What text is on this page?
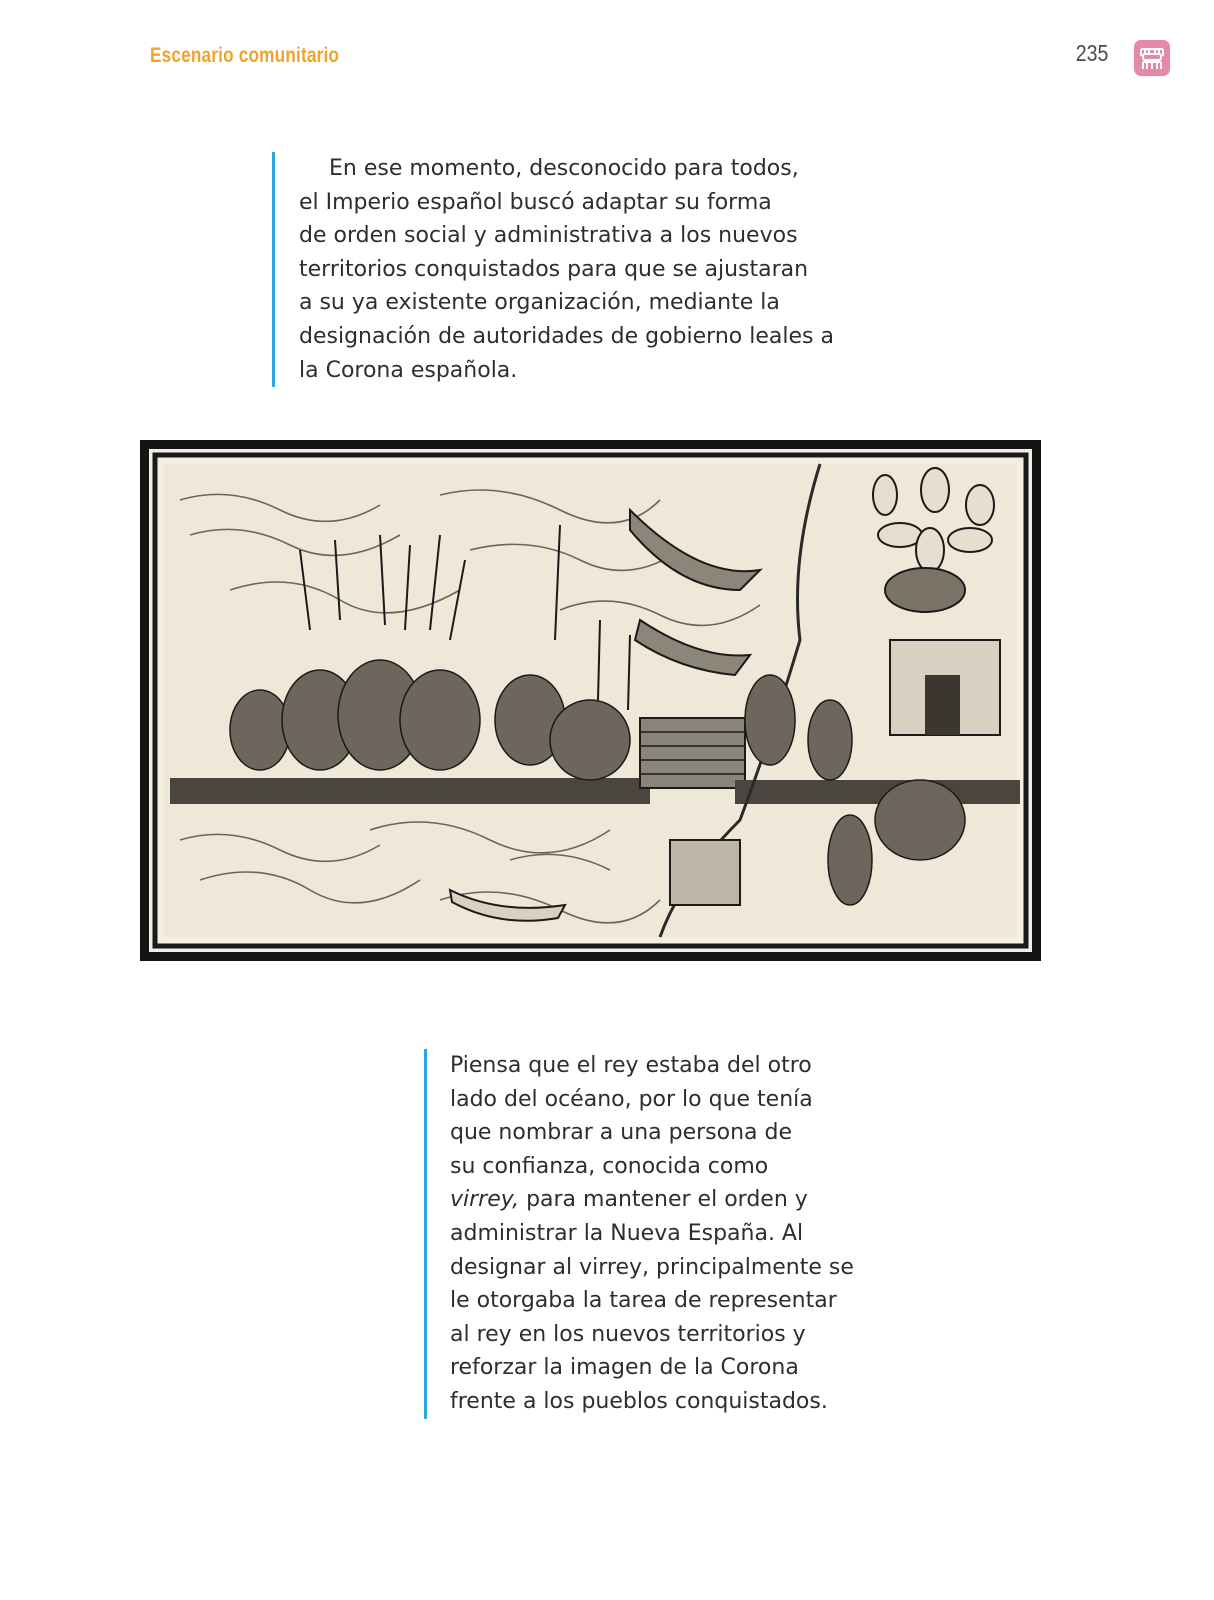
Escenario comunitario	235
En ese momento, desconocido para todos,
el Imperio español buscó adaptar su forma
de orden social y administrativa a los nuevos
territorios conquistados para que se ajustaran
a su ya existente organización, mediante la
designación de autoridades de gobierno leales a
la Corona española.
Piensa que el rey estaba del otro
lado del océano, por lo que tenía
que nombrar a una persona de
su confianza, conocida como
virrey, para mantener el orden y
administrar la Nueva España. Al
designar al virrey, principalmente se
le otorgaba la tarea de representar
al rey en los nuevos territorios y
reforzar la imagen de la Corona
frente a los pueblos conquistados.
